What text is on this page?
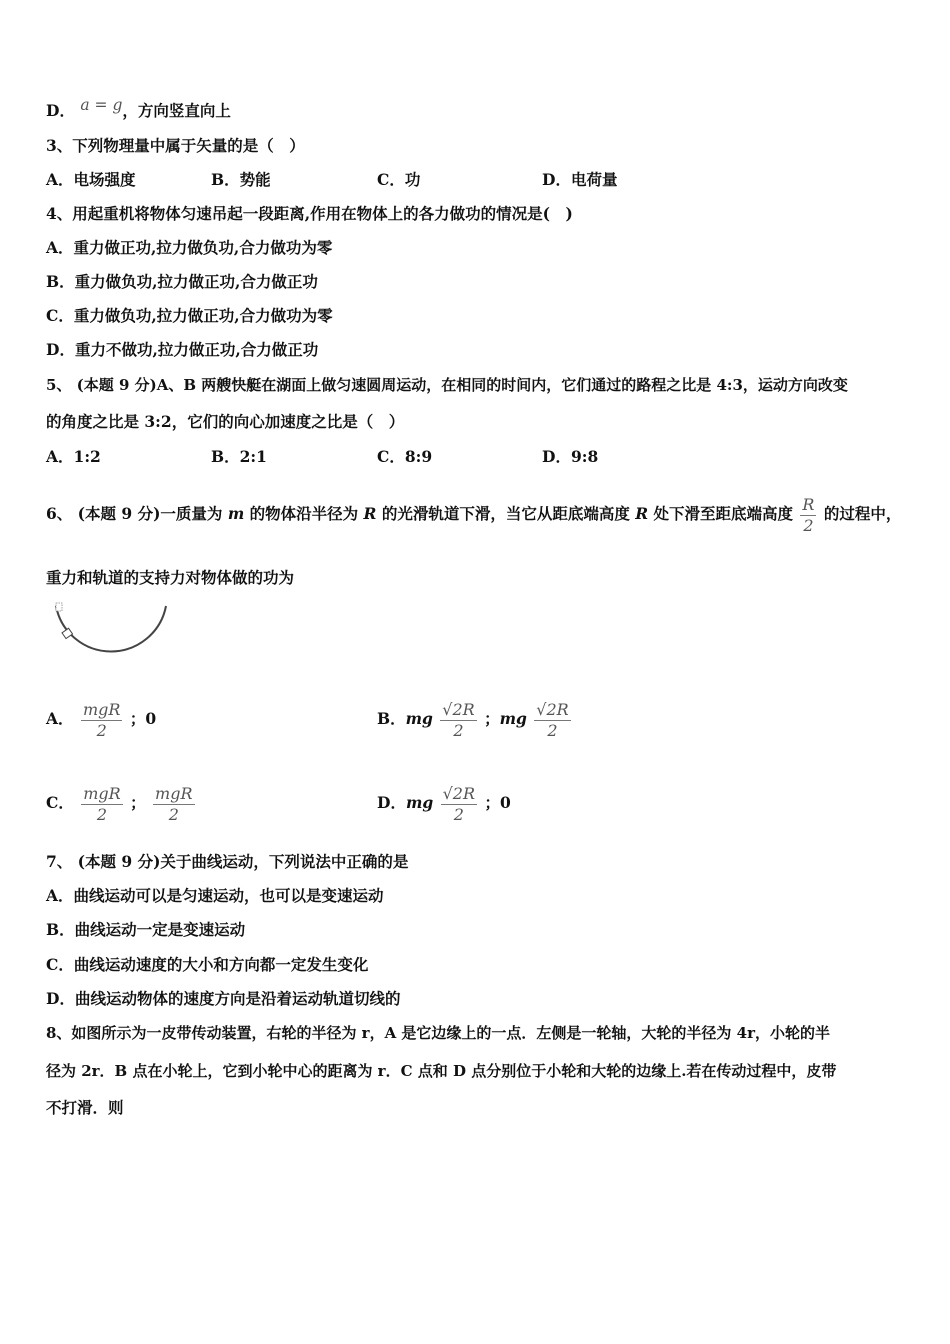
D． a = g，方向竖直向上
3、下列物理量中属于矢量的是（　）
A．电场强度	B．势能	C．功	D．电荷量
4、用起重机将物体匀速吊起一段距离,作用在物体上的各力做功的情况是(　)
A．重力做正功,拉力做负功,合力做功为零
B．重力做负功,拉力做正功,合力做正功
C．重力做负功,拉力做正功,合力做功为零
D．重力不做功,拉力做正功,合力做正功
5、 (本题 9 分)A、B 两艘快艇在湖面上做匀速圆周运动，在相同的时间内，它们通过的路程之比是 4:3，运动方向改变
的角度之比是 3:2，它们的向心加速度之比是（　）
A．1:2	B．2:1	C．8:9	D．9:8
6、 (本题 9 分)一质量为 m 的物体沿半径为 R 的光滑轨道下滑，当它从距底端高度 R 处下滑至距底端高度 $\frac{R}{2}$ 的过程中，
重力和轨道的支持力对物体做的功为
A． $\frac{\text{mgR}}{2}$ ；0	B．mg $\frac{√2R}{2}$ ；mg $\frac{√2R}{2}$
C． $\frac{\text{mgR}}{2}$ ； $\frac{\text{mgR}}{2}$	D．mg $\frac{√2R}{2}$ ；0
7、 (本题 9 分)关于曲线运动，下列说法中正确的是
A．曲线运动可以是匀速运动，也可以是变速运动
B．曲线运动一定是变速运动
C．曲线运动速度的大小和方向都一定发生变化
D．曲线运动物体的速度方向是沿着运动轨道切线的
8、如图所示为一皮带传动装置，右轮的半径为 r，A 是它边缘上的一点．左侧是一轮轴，大轮的半径为 4r，小轮的半
径为 2r．B 点在小轮上，它到小轮中心的距离为 r．C 点和 D 点分别位于小轮和大轮的边缘上.若在传动过程中，皮带
不打滑．则
